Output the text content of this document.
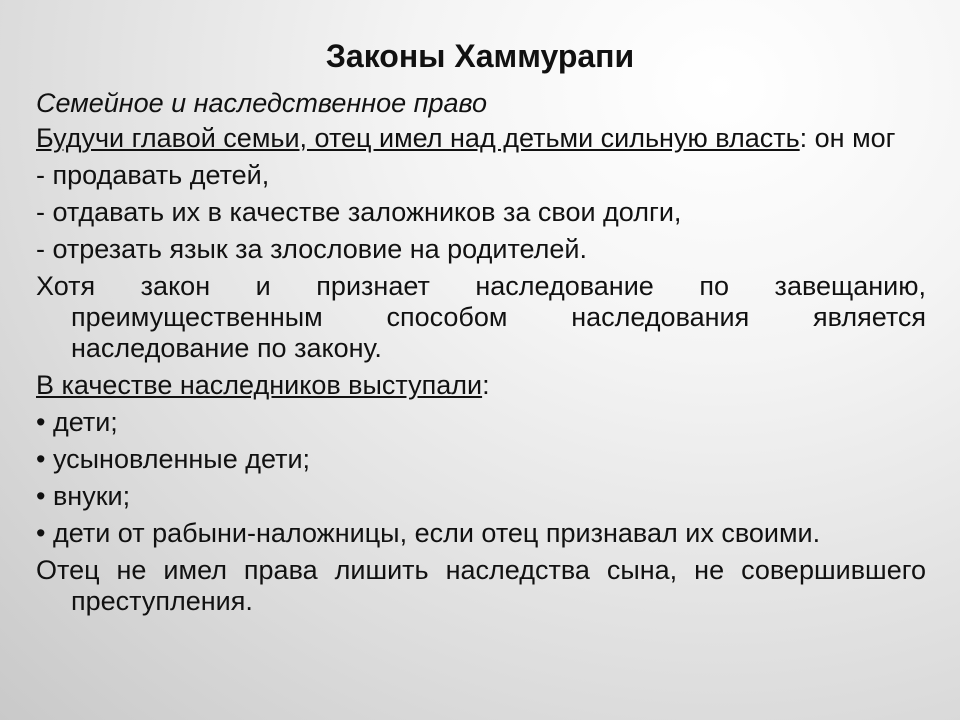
Законы Хаммурапи
Семейное и наследственное право
Будучи главой семьи, отец имел над детьми сильную власть: он мог
- продавать детей,
- отдавать их в качестве заложников за свои долги,
- отрезать язык за злословие на родителей.
Хотя закон и признает наследование по завещанию, преимущественным способом наследования является наследование по закону.
В качестве наследников выступали:
• дети;
• усыновленные дети;
• внуки;
• дети от рабыни-наложницы, если отец признавал их своими.
Отец не имел права лишить наследства сына, не совершившего преступления.
